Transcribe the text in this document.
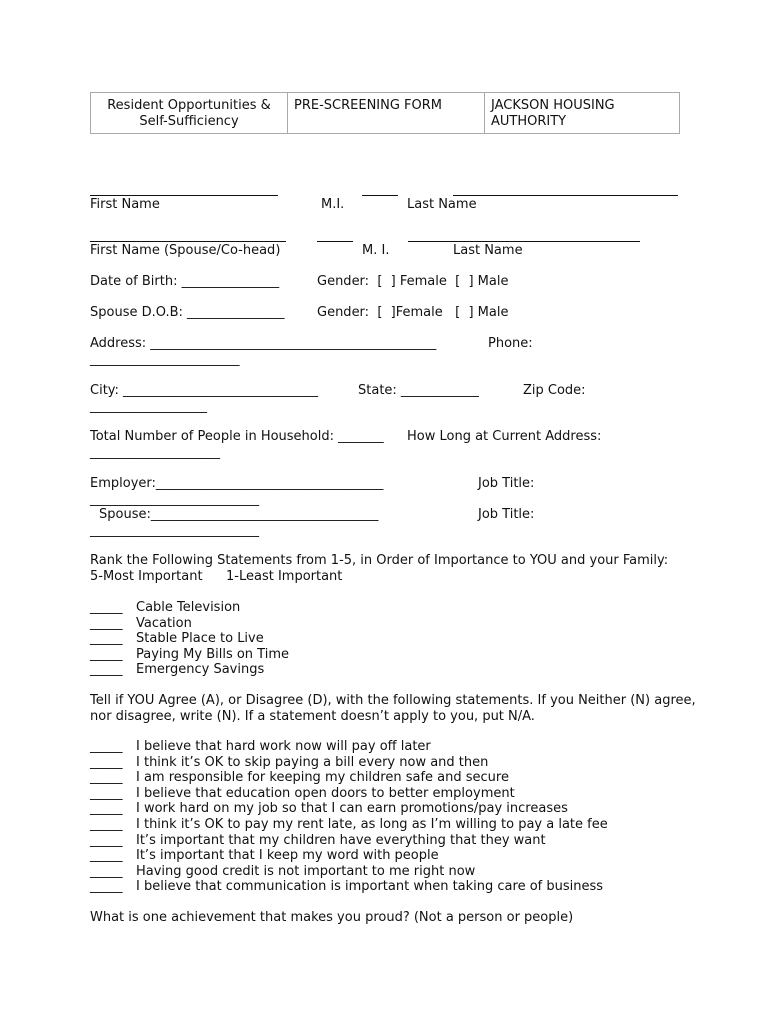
Resident Opportunities &
Self-Sufficiency	PRE-SCREENING FORM	JACKSON HOUSING
AUTHORITY
First Name	M.I.	Last Name
First Name (Spouse/Co-head)	M. I.	Last Name
Date of Birth: _______________	Gender:  [  ] Female  [  ] Male
Spouse D.O.B: _______________ Gender:  [  ]Female   [  ] Male
Address: ____________________________________________	Phone:
_______________________
City: ______________________________	State: ____________	Zip Code:
__________________
Total Number of People in Household: _______ How Long at Current Address:
____________________
Employer:___________________________________	Job Title:
__________________________
Spouse:___________________________________	Job Title:
__________________________
Rank the Following Statements from 1-5, in Order of Importance to YOU and your Family:
5-Most Important 1-Least Important
_____ Cable Television
_____ Vacation
_____ Stable Place to Live
_____ Paying My Bills on Time
_____ Emergency Savings
Tell if YOU Agree (A), or Disagree (D), with the following statements. If you Neither (N) agree,
nor disagree, write (N). If a statement doesn’t apply to you, put N/A.
_____ I believe that hard work now will pay off later
_____ I think it’s OK to skip paying a bill every now and then
_____ I am responsible for keeping my children safe and secure
_____ I believe that education open doors to better employment
_____ I work hard on my job so that I can earn promotions/pay increases
_____ I think it’s OK to pay my rent late, as long as I’m willing to pay a late fee
_____ It’s important that my children have everything that they want
_____ It’s important that I keep my word with people
_____ Having good credit is not important to me right now
_____ I believe that communication is important when taking care of business
What is one achievement that makes you proud? (Not a person or people)
